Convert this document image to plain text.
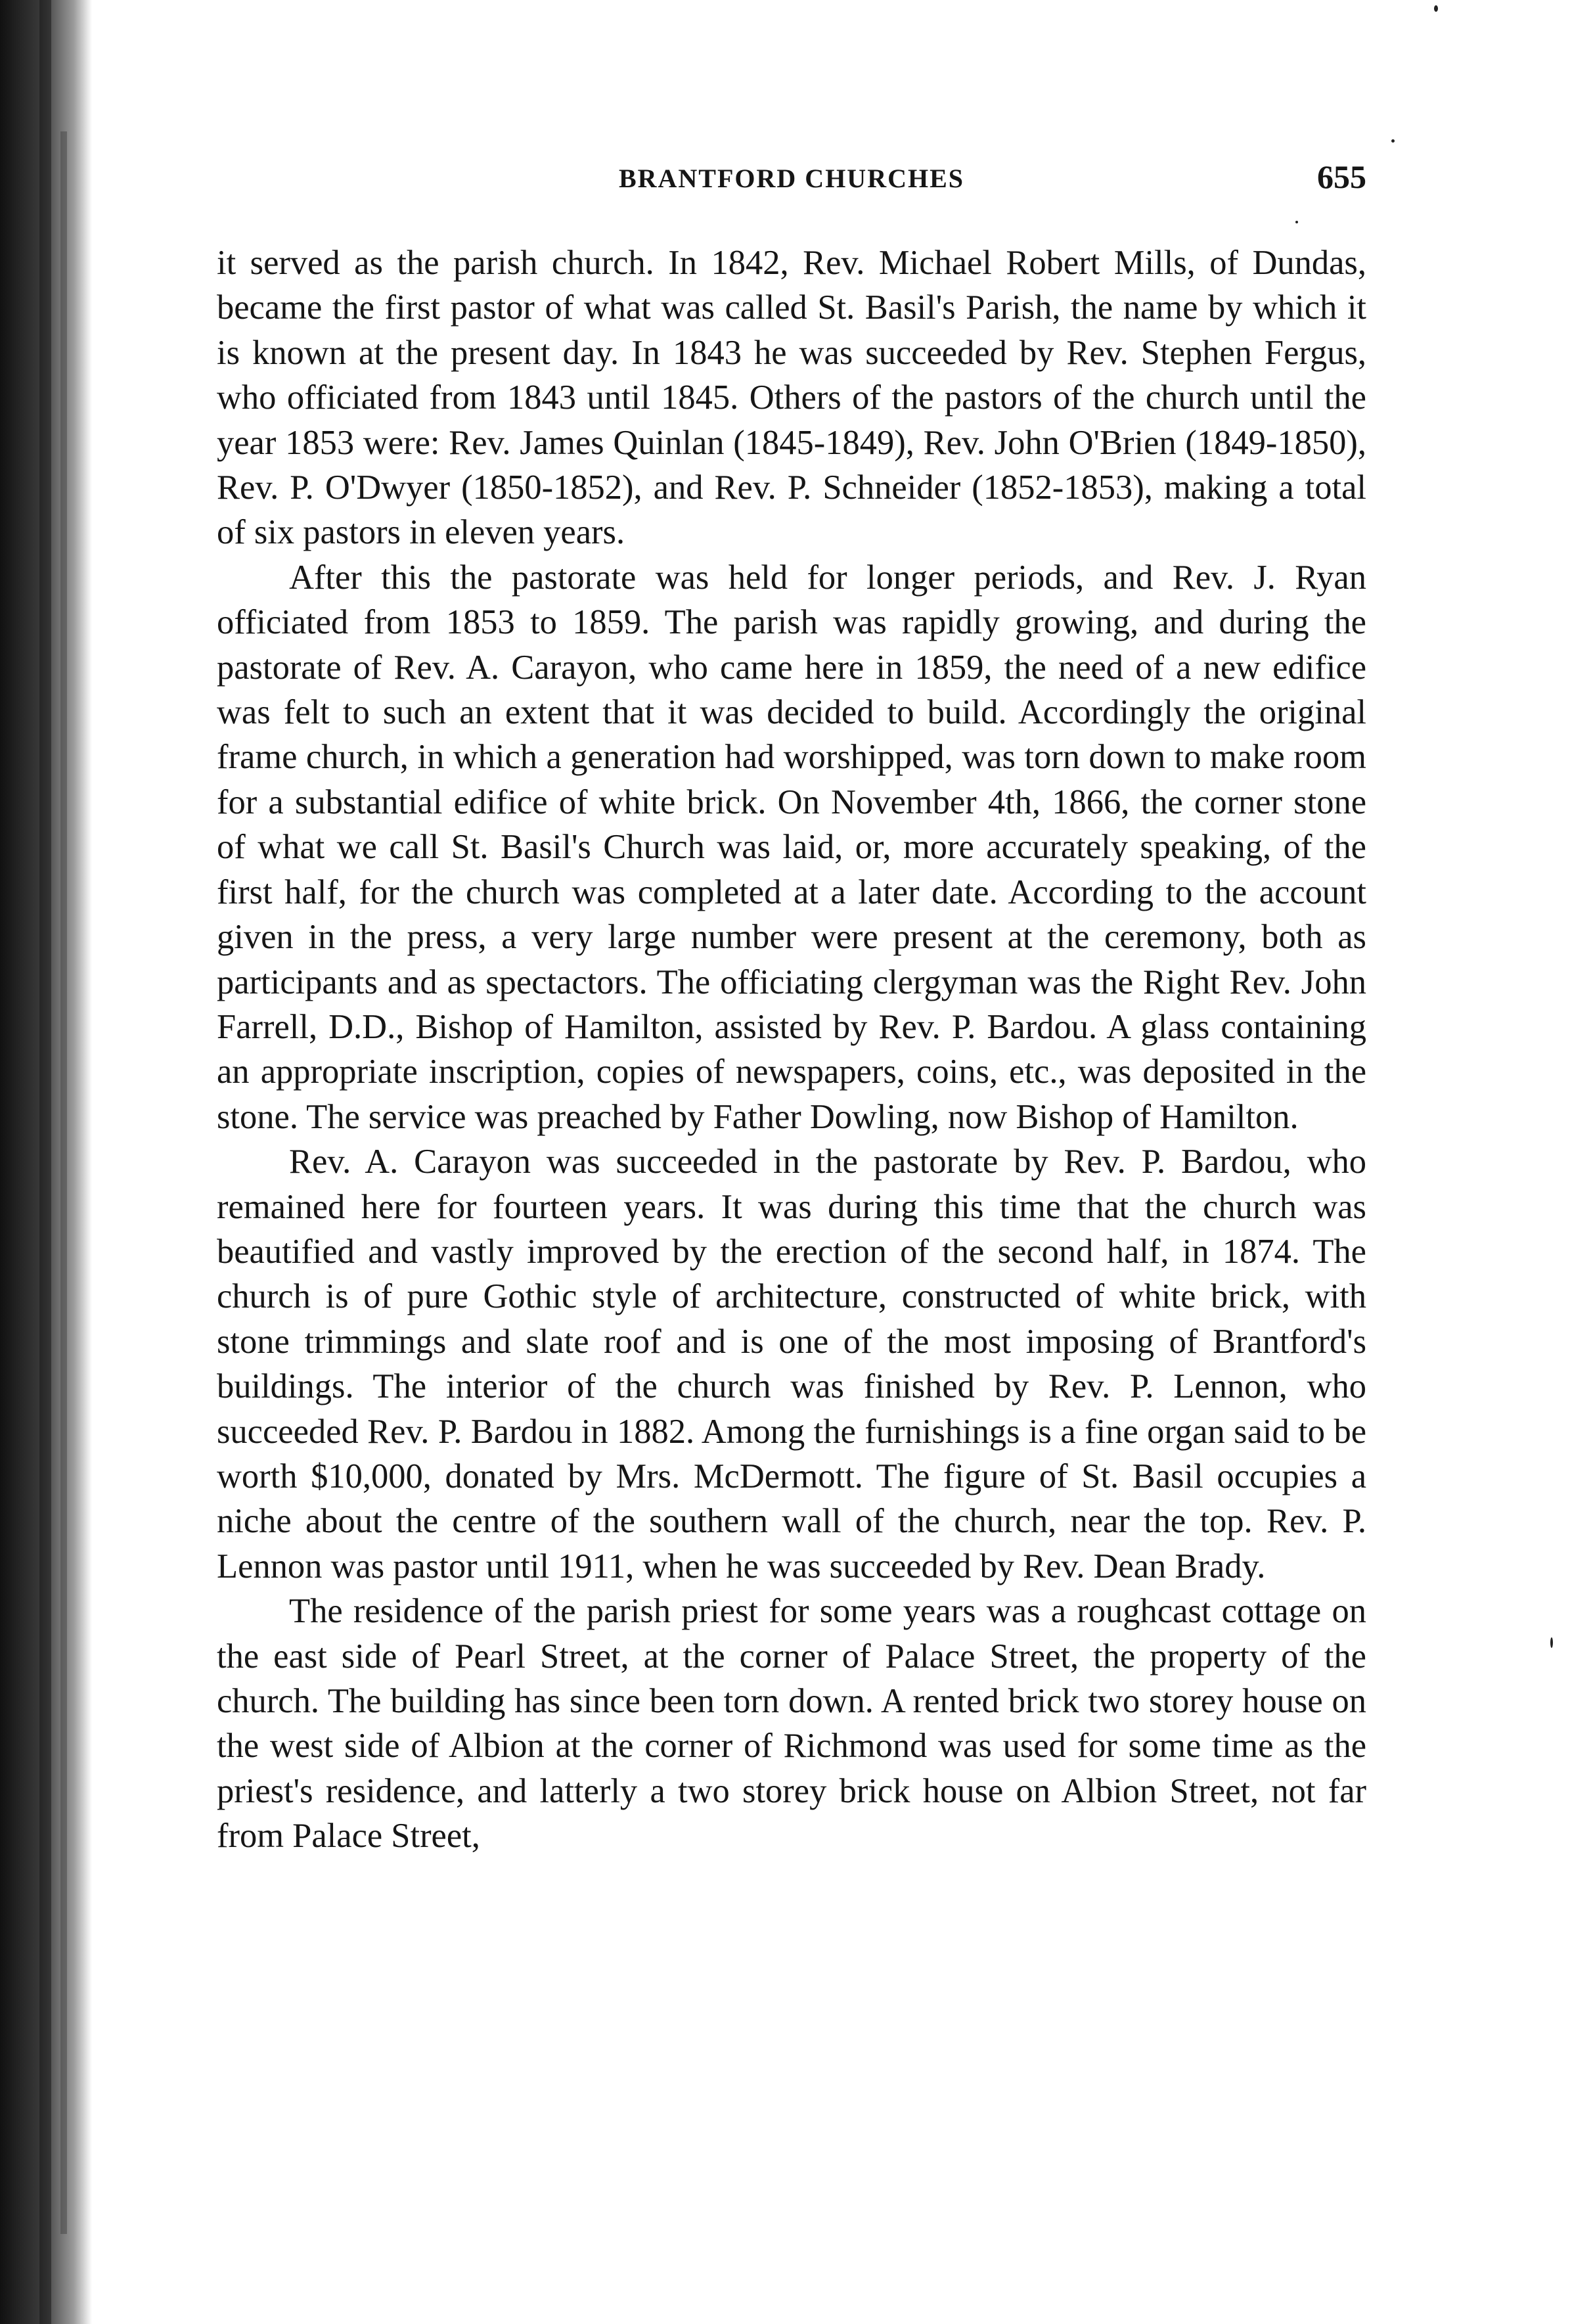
BRANTFORD CHURCHES	655

it served as the parish church. In 1842, Rev. Michael Robert Mills, of Dundas, became the first pastor of what was called St. Basil's Parish, the name by which it is known at the present day. In 1843 he was succeeded by Rev. Stephen Fergus, who officiated from 1843 until 1845. Others of the pastors of the church until the year 1853 were: Rev. James Quinlan (1845-1849), Rev. John O'Brien (1849-1850), Rev. P. O'Dwyer (1850-1852), and Rev. P. Schneider (1852-1853), making a total of six pastors in eleven years.

After this the pastorate was held for longer periods, and Rev. J. Ryan officiated from 1853 to 1859. The parish was rapidly growing, and during the pastorate of Rev. A. Carayon, who came here in 1859, the need of a new edifice was felt to such an extent that it was decided to build. Accordingly the original frame church, in which a generation had worshipped, was torn down to make room for a substantial edifice of white brick. On November 4th, 1866, the corner stone of what we call St. Basil's Church was laid, or, more accurately speaking, of the first half, for the church was completed at a later date. According to the account given in the press, a very large number were present at the ceremony, both as participants and as spectactors. The officiating clergyman was the Right Rev. John Farrell, D.D., Bishop of Hamilton, assisted by Rev. P. Bardou. A glass containing an appropriate inscription, copies of newspapers, coins, etc., was deposited in the stone. The service was preached by Father Dowling, now Bishop of Hamilton.

Rev. A. Carayon was succeeded in the pastorate by Rev. P. Bardou, who remained here for fourteen years. It was during this time that the church was beautified and vastly improved by the erection of the second half, in 1874. The church is of pure Gothic style of architecture, constructed of white brick, with stone trimmings and slate roof and is one of the most imposing of Brantford's buildings. The interior of the church was finished by Rev. P. Lennon, who succeeded Rev. P. Bardou in 1882. Among the furnishings is a fine organ said to be worth $10,000, donated by Mrs. McDermott. The figure of St. Basil occupies a niche about the centre of the southern wall of the church, near the top. Rev. P. Lennon was pastor until 1911, when he was succeeded by Rev. Dean Brady.

The residence of the parish priest for some years was a roughcast cottage on the east side of Pearl Street, at the corner of Palace Street, the property of the church. The building has since been torn down. A rented brick two storey house on the west side of Albion at the corner of Richmond was used for some time as the priest's residence, and latterly a two storey brick house on Albion Street, not far from Palace Street,
